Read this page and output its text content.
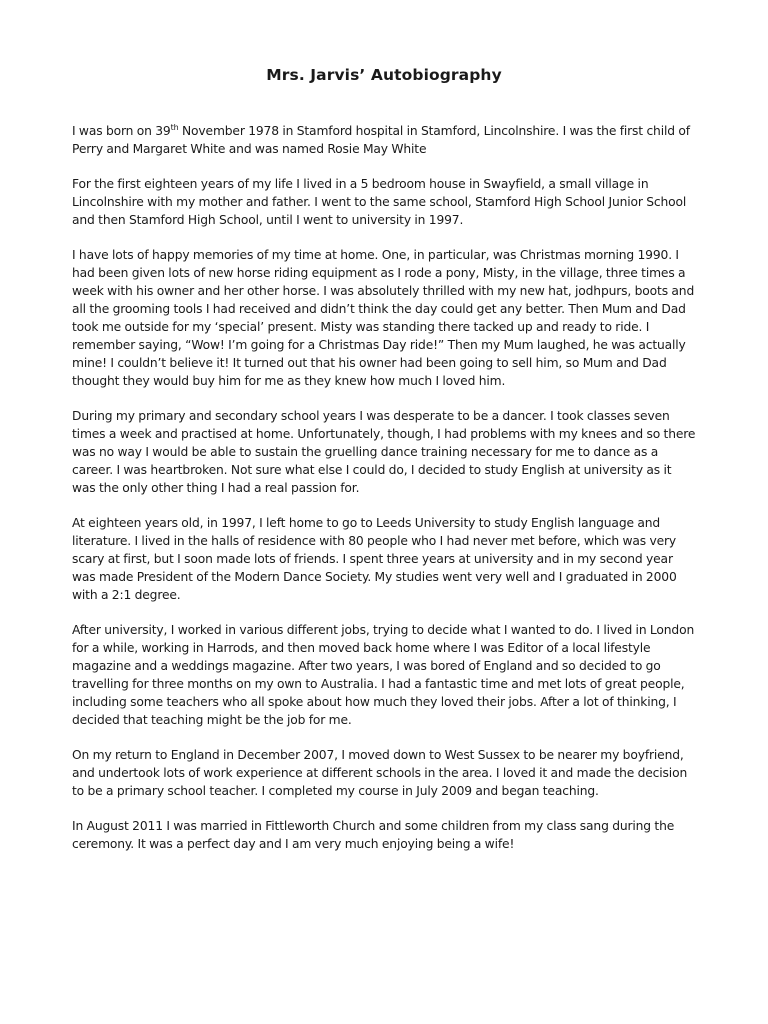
Mrs. Jarvis’ Autobiography

I was born on 39th November 1978 in Stamford hospital in Stamford, Lincolnshire. I was the first child of Perry and Margaret White and was named Rosie May White

For the first eighteen years of my life I lived in a 5 bedroom house in Swayfield, a small village in Lincolnshire with my mother and father. I went to the same school, Stamford High School Junior School and then Stamford High School, until I went to university in 1997.

I have lots of happy memories of my time at home. One, in particular, was Christmas morning 1990. I had been given lots of new horse riding equipment as I rode a pony, Misty, in the village, three times a week with his owner and her other horse. I was absolutely thrilled with my new hat, jodhpurs, boots and all the grooming tools I had received and didn’t think the day could get any better. Then Mum and Dad took me outside for my ‘special’ present. Misty was standing there tacked up and ready to ride. I remember saying, “Wow! I’m going for a Christmas Day ride!” Then my Mum laughed, he was actually mine! I couldn’t believe it! It turned out that his owner had been going to sell him, so Mum and Dad thought they would buy him for me as they knew how much I loved him.

During my primary and secondary school years I was desperate to be a dancer. I took classes seven times a week and practised at home. Unfortunately, though, I had problems with my knees and so there was no way I would be able to sustain the gruelling dance training necessary for me to dance as a career. I was heartbroken. Not sure what else I could do, I decided to study English at university as it was the only other thing I had a real passion for.

At eighteen years old, in 1997, I left home to go to Leeds University to study English language and literature. I lived in the halls of residence with 80 people who I had never met before, which was very scary at first, but I soon made lots of friends. I spent three years at university and in my second year was made President of the Modern Dance Society. My studies went very well and I graduated in 2000 with a 2:1 degree.

After university, I worked in various different jobs, trying to decide what I wanted to do. I lived in London for a while, working in Harrods, and then moved back home where I was Editor of a local lifestyle magazine and a weddings magazine. After two years, I was bored of England and so decided to go travelling for three months on my own to Australia. I had a fantastic time and met lots of great people, including some teachers who all spoke about how much they loved their jobs. After a lot of thinking, I decided that teaching might be the job for me.

On my return to England in December 2007, I moved down to West Sussex to be nearer my boyfriend, and undertook lots of work experience at different schools in the area. I loved it and made the decision to be a primary school teacher. I completed my course in July 2009 and began teaching.

In August 2011 I was married in Fittleworth Church and some children from my class sang during the ceremony. It was a perfect day and I am very much enjoying being a wife!
